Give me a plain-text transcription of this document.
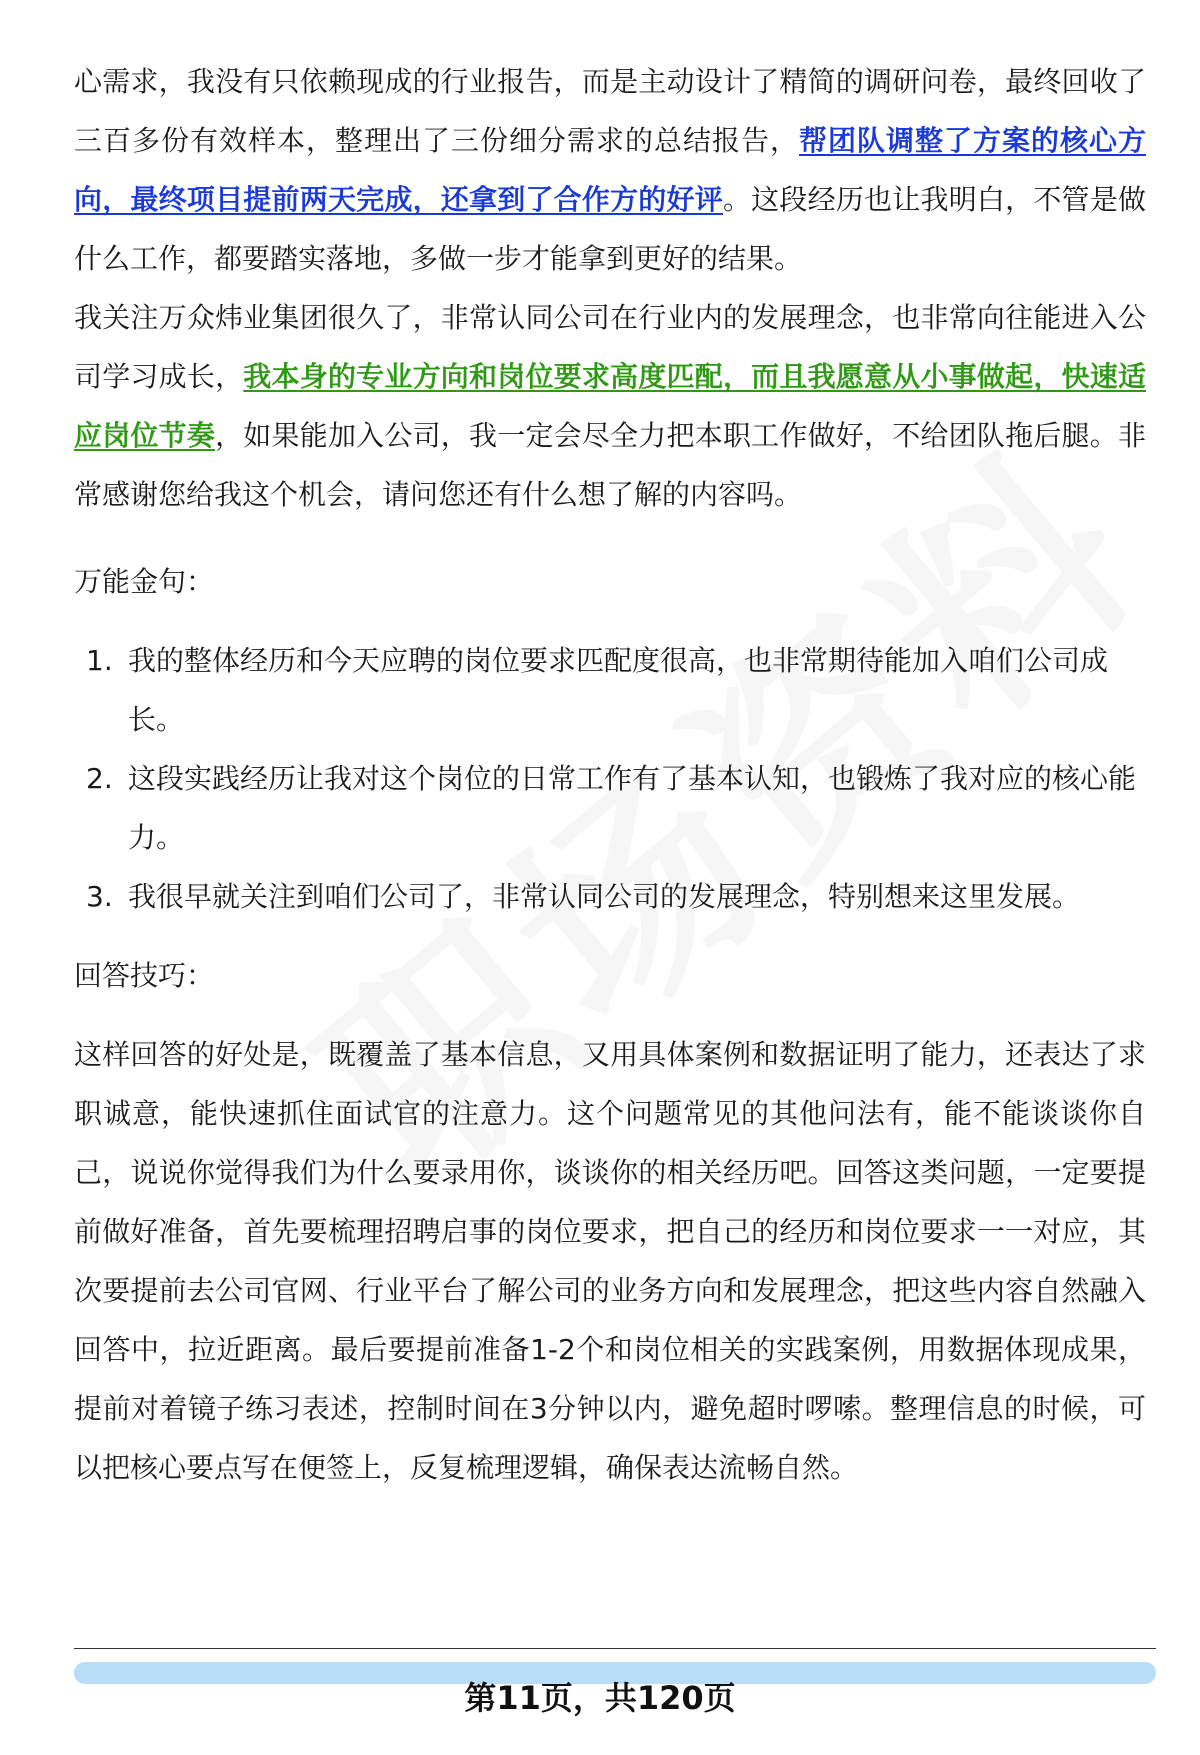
心需求，我没有只依赖现成的行业报告，而是主动设计了精简的调研问卷，最终回收了三百多份有效样本，整理出了三份细分需求的总结报告，帮团队调整了方案的核心方向，最终项目提前两天完成，还拿到了合作方的好评。这段经历也让我明白，不管是做什么工作，都要踏实落地，多做一步才能拿到更好的结果。

我关注万众炜业集团很久了，非常认同公司在行业内的发展理念，也非常向往能进入公司学习成长，我本身的专业方向和岗位要求高度匹配，而且我愿意从小事做起，快速适应岗位节奏，如果能加入公司，我一定会尽全力把本职工作做好，不给团队拖后腿。非常感谢您给我这个机会，请问您还有什么想了解的内容吗。

万能金句：

1. 我的整体经历和今天应聘的岗位要求匹配度很高，也非常期待能加入咱们公司成长。
2. 这段实践经历让我对这个岗位的日常工作有了基本认知，也锻炼了我对应的核心能力。
3. 我很早就关注到咱们公司了，非常认同公司的发展理念，特别想来这里发展。

回答技巧：

这样回答的好处是，既覆盖了基本信息，又用具体案例和数据证明了能力，还表达了求职诚意，能快速抓住面试官的注意力。这个问题常见的其他问法有，能不能谈谈你自己，说说你觉得我们为什么要录用你，谈谈你的相关经历吧。回答这类问题，一定要提前做好准备，首先要梳理招聘启事的岗位要求，把自己的经历和岗位要求一一对应，其次要提前去公司官网、行业平台了解公司的业务方向和发展理念，把这些内容自然融入回答中，拉近距离。最后要提前准备1-2个和岗位相关的实践案例，用数据体现成果，提前对着镜子练习表述，控制时间在3分钟以内，避免超时啰嗦。整理信息的时候，可以把核心要点写在便签上，反复梳理逻辑，确保表达流畅自然。

第11页，共120页
